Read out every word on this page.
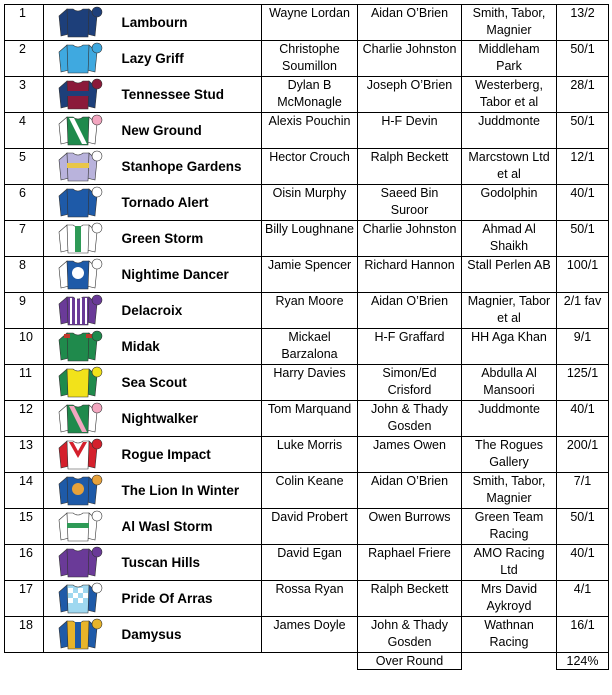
1	Lambourn	Wayne Lordan	Aidan O’Brien	Smith, Tabor, Magnier	13/2
2	Lazy Griff	Christophe Soumillon	Charlie Johnston	Middleham Park	50/1
3	Tennessee Stud	Dylan B McMonagle	Joseph O’Brien	Westerberg, Tabor et al	28/1
4	New Ground	Alexis Pouchin	H-F Devin	Juddmonte	50/1
5	Stanhope Gardens	Hector Crouch	Ralph Beckett	Marcstown Ltd et al	12/1
6	Tornado Alert	Oisin Murphy	Saeed Bin Suroor	Godolphin	40/1
7	Green Storm	Billy Loughnane	Charlie Johnston	Ahmad Al Shaikh	50/1
8	Nightime Dancer	Jamie Spencer	Richard Hannon	Stall Perlen AB	100/1
9	Delacroix	Ryan Moore	Aidan O’Brien	Magnier, Tabor et al	2/1 fav
10	Midak	Mickael Barzalona	H-F Graffard	HH Aga Khan	9/1
11	Sea Scout	Harry Davies	Simon/Ed Crisford	Abdulla Al Mansoori	125/1
12	Nightwalker	Tom Marquand	John & Thady Gosden	Juddmonte	40/1
13	Rogue Impact	Luke Morris	James Owen	The Rogues Gallery	200/1
14	The Lion In Winter	Colin Keane	Aidan O’Brien	Smith, Tabor, Magnier	7/1
15	Al Wasl Storm	David Probert	Owen Burrows	Green Team Racing	50/1
16	Tuscan Hills	David Egan	Raphael Friere	AMO Racing Ltd	40/1
17	Pride Of Arras	Rossa Ryan	Ralph Beckett	Mrs David Aykroyd	4/1
18	Damysus	James Doyle	John & Thady Gosden	Wathnan Racing	16/1
			Over Round		124%
